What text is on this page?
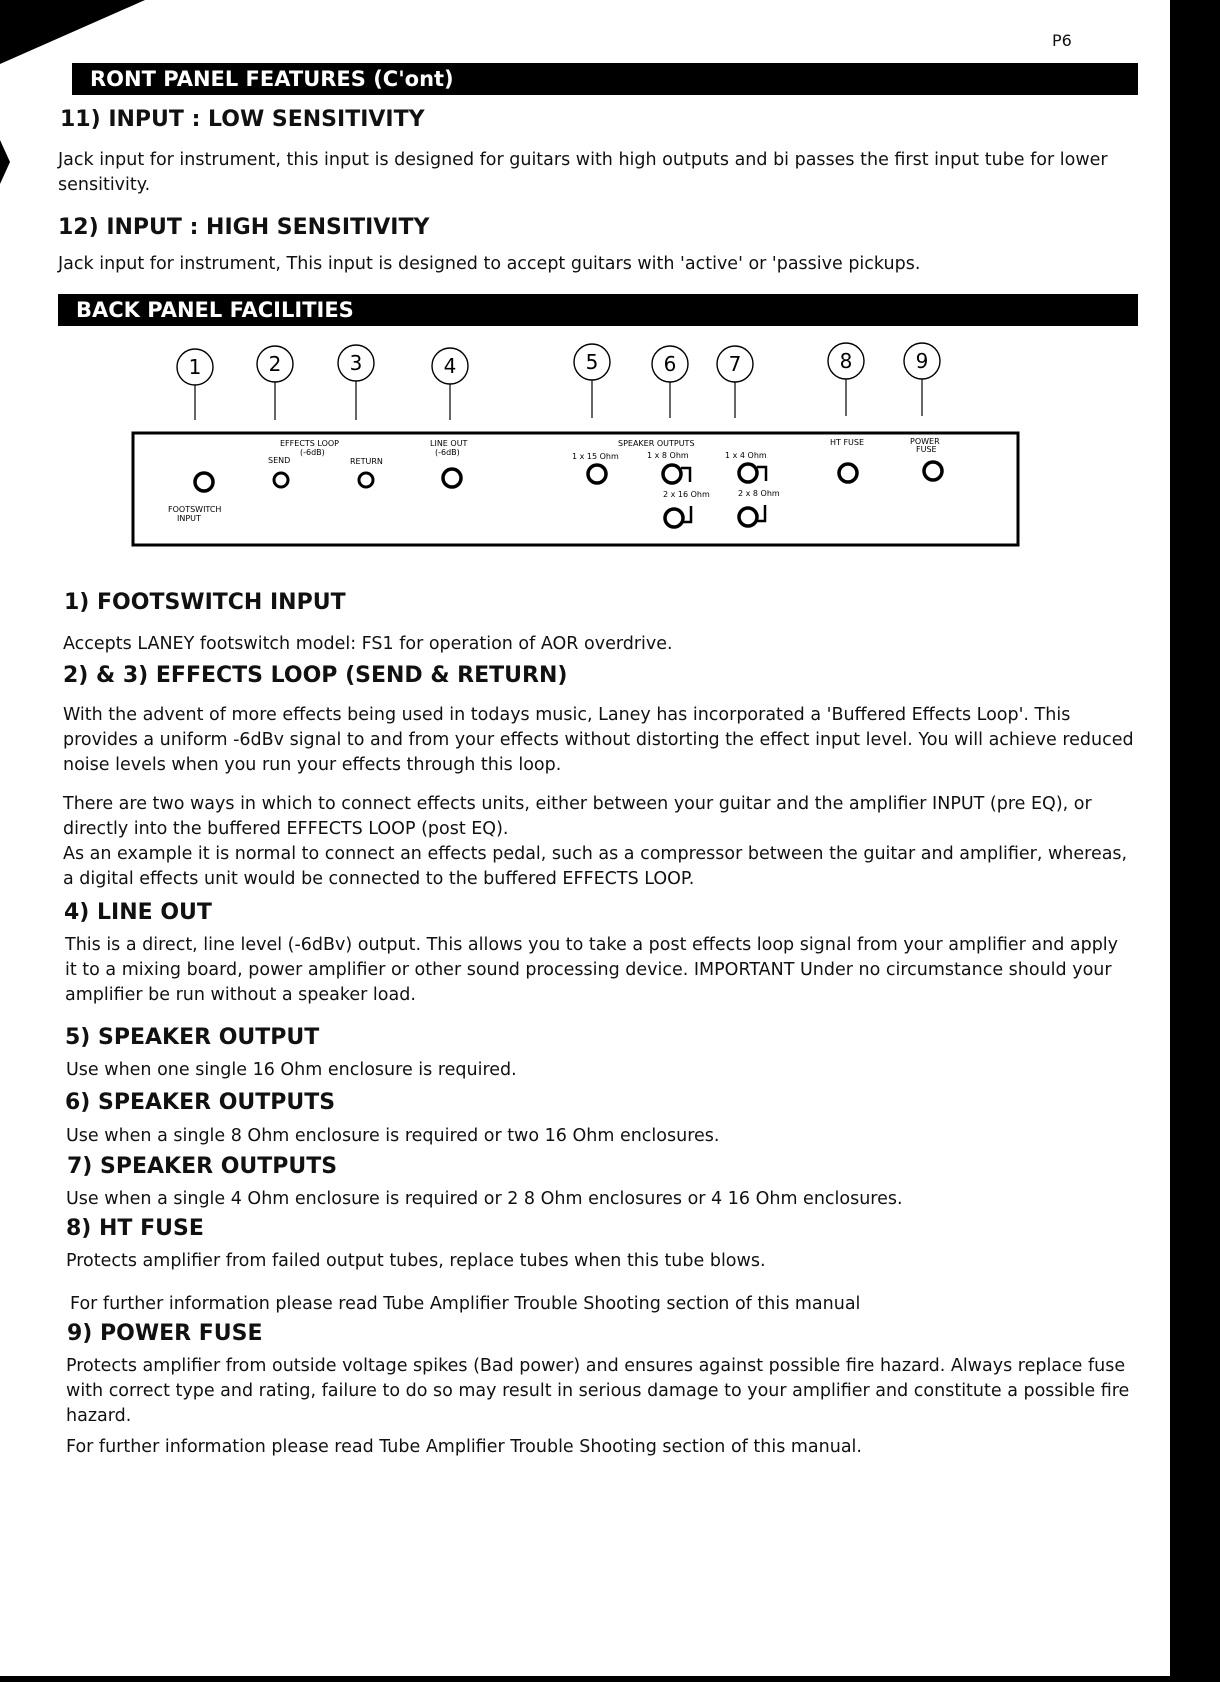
P6
RONT PANEL FEATURES (C'ont)
11) INPUT : LOW SENSITIVITY

Jack input for instrument, this input is designed for guitars with high outputs and bi passes the first input tube for lower sensitivity.

12) INPUT : HIGH SENSITIVITY

Jack input for instrument, This input is designed to accept guitars with 'active' or 'passive pickups.

BACK PANEL FACILITIES
1	2	3	4	5	6	7	8	9
EFFECTS LOOP
(-6dB)
SEND	RETURN
LINE OUT
(-6dB)
SPEAKER OUTPUTS
1 x 15 Ohm	1 x 8 Ohm	1 x 4 Ohm
2 x 16 Ohm	2 x 8 Ohm
HT FUSE	POWER
FUSE
FOOTSWITCH
INPUT
1) FOOTSWITCH INPUT

Accepts LANEY footswitch model: FS1 for operation of AOR overdrive.

2) & 3) EFFECTS LOOP (SEND & RETURN)

With the advent of more effects being used in todays music, Laney has incorporated a 'Buffered Effects Loop'. This provides a uniform -6dBv signal to and from your effects without distorting the effect input level. You will achieve reduced noise levels when you run your effects through this loop.

There are two ways in which to connect effects units, either between your guitar and the amplifier INPUT (pre EQ), or directly into the buffered EFFECTS LOOP (post EQ).

As an example it is normal to connect an effects pedal, such as a compressor between the guitar and amplifier, whereas, a digital effects unit would be connected to the buffered EFFECTS LOOP.

4) LINE OUT

This is a direct, line level (-6dBv) output. This allows you to take a post effects loop signal from your amplifier and apply it to a mixing board, power amplifier or other sound processing device. IMPORTANT Under no circumstance should your amplifier be run without a speaker load.

5) SPEAKER OUTPUT

Use when one single 16 Ohm enclosure is required.

6) SPEAKER OUTPUTS

Use when a single 8 Ohm enclosure is required or two 16 Ohm enclosures.

7) SPEAKER OUTPUTS

Use when a single 4 Ohm enclosure is required or 2 8 Ohm enclosures or 4 16 Ohm enclosures.

8) HT FUSE

Protects amplifier from failed output tubes, replace tubes when this tube blows.

For further information please read Tube Amplifier Trouble Shooting section of this manual

9) POWER FUSE

Protects amplifier from outside voltage spikes (Bad power) and ensures against possible fire hazard. Always replace fuse with correct type and rating, failure to do so may result in serious damage to your amplifier and constitute a possible fire hazard.

For further information please read Tube Amplifier Trouble Shooting section of this manual.
